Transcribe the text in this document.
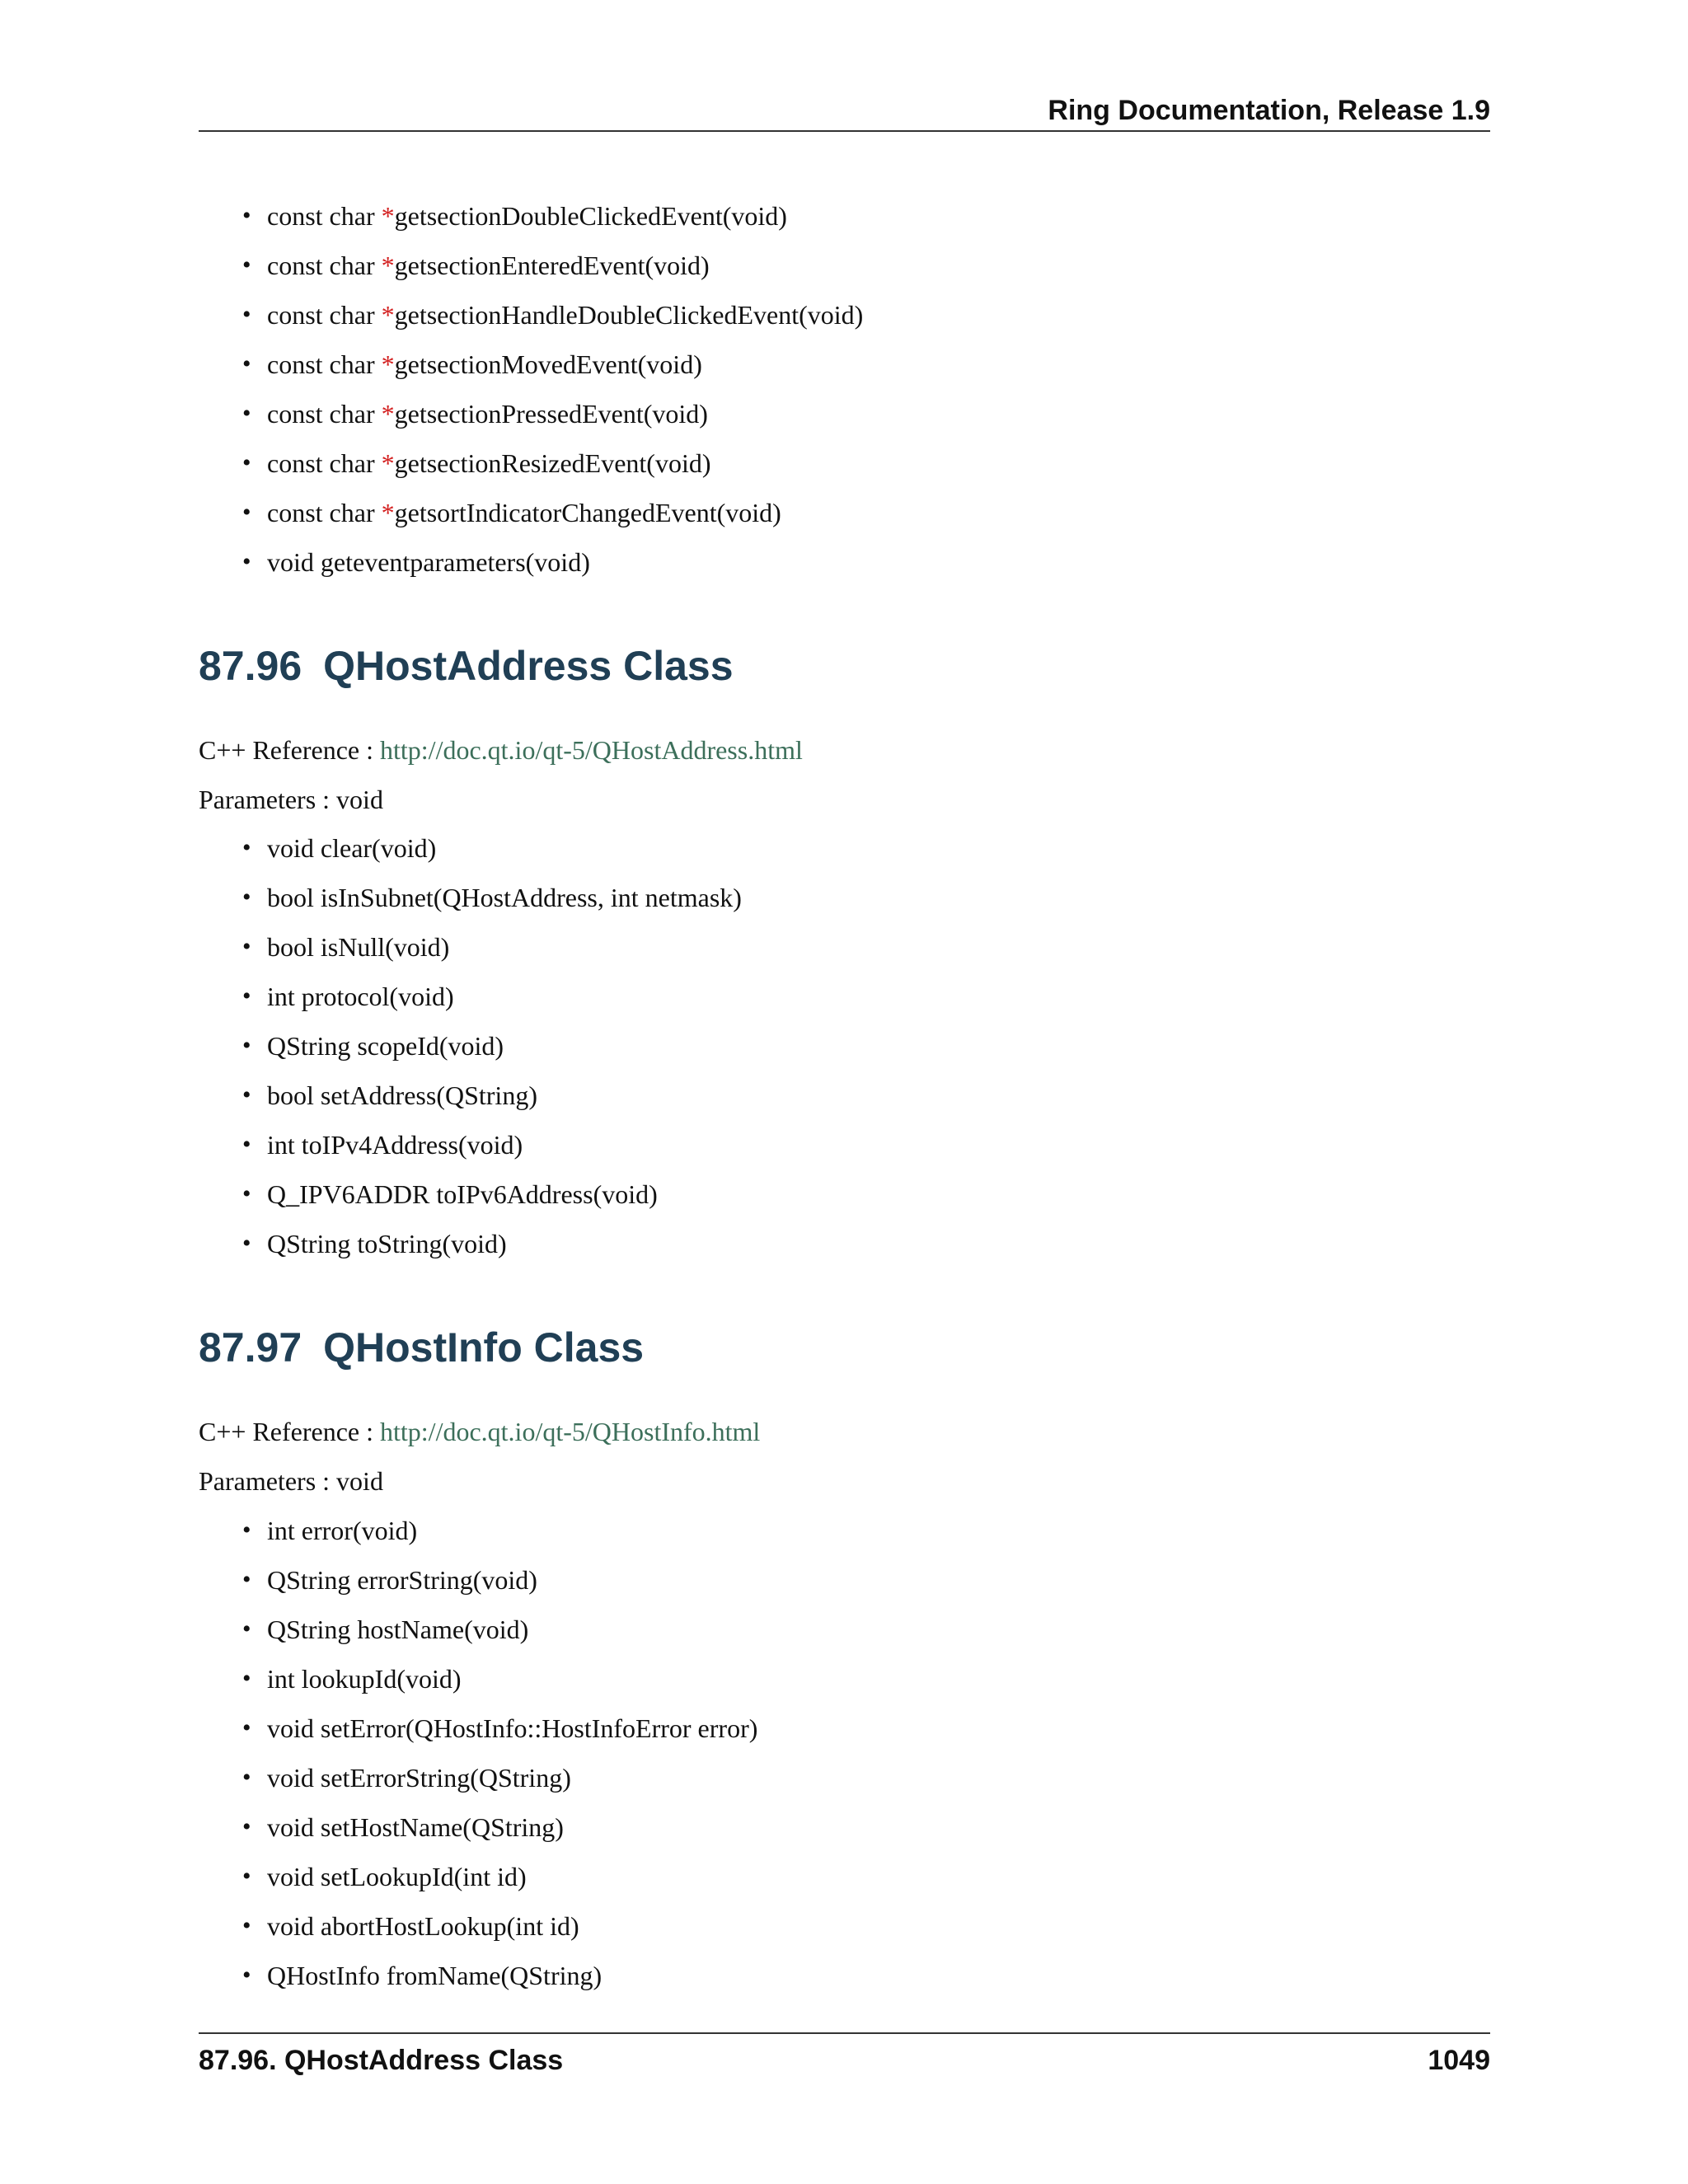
Ring Documentation, Release 1.9
• const char *getsectionDoubleClickedEvent(void)
• const char *getsectionEnteredEvent(void)
• const char *getsectionHandleDoubleClickedEvent(void)
• const char *getsectionMovedEvent(void)
• const char *getsectionPressedEvent(void)
• const char *getsectionResizedEvent(void)
• const char *getsortIndicatorChangedEvent(void)
• void geteventparameters(void)
87.96 QHostAddress Class
C++ Reference : http://doc.qt.io/qt-5/QHostAddress.html
Parameters : void
• void clear(void)
• bool isInSubnet(QHostAddress, int netmask)
• bool isNull(void)
• int protocol(void)
• QString scopeId(void)
• bool setAddress(QString)
• int toIPv4Address(void)
• Q_IPV6ADDR toIPv6Address(void)
• QString toString(void)
87.97 QHostInfo Class
C++ Reference : http://doc.qt.io/qt-5/QHostInfo.html
Parameters : void
• int error(void)
• QString errorString(void)
• QString hostName(void)
• int lookupId(void)
• void setError(QHostInfo::HostInfoError error)
• void setErrorString(QString)
• void setHostName(QString)
• void setLookupId(int id)
• void abortHostLookup(int id)
• QHostInfo fromName(QString)
87.96. QHostAddress Class	1049
